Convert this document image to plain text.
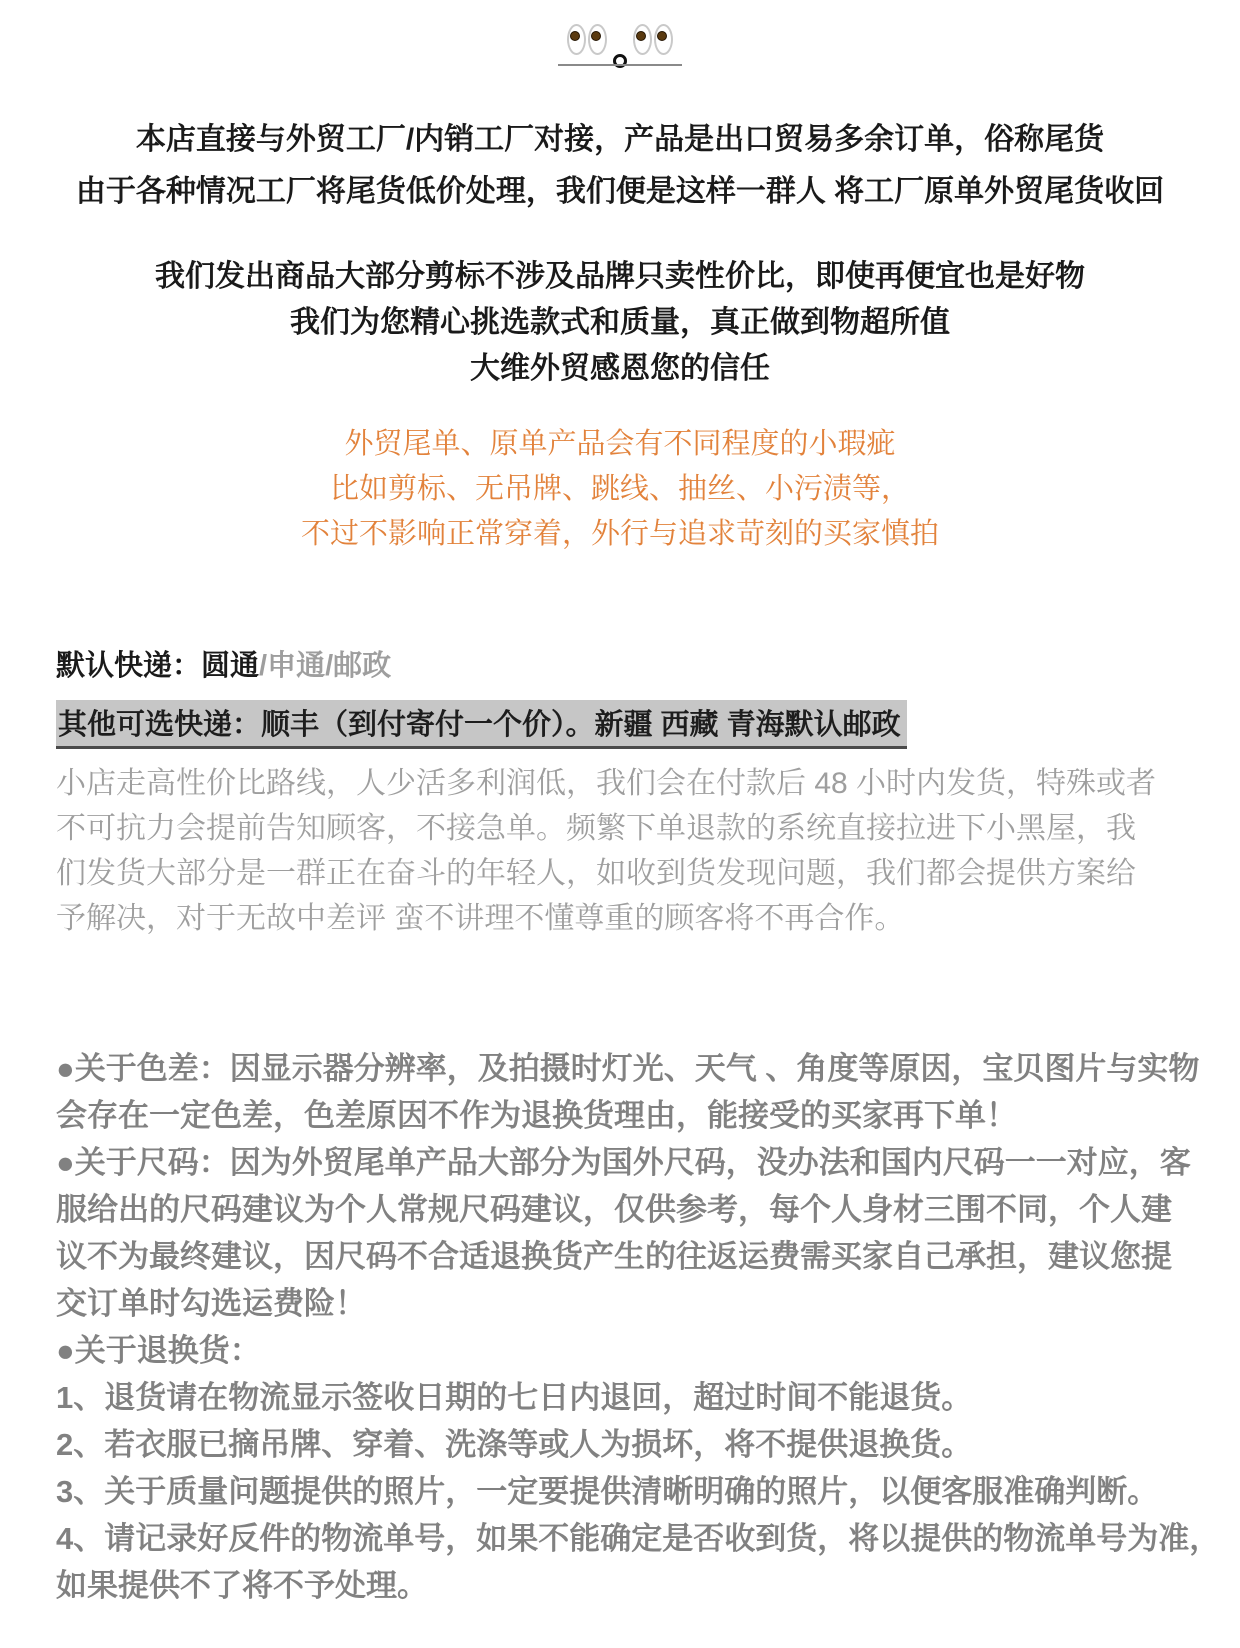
本店直接与外贸工厂/内销工厂对接，产品是出口贸易多余订单，俗称尾货
由于各种情况工厂将尾货低价处理，我们便是这样一群人 将工厂原单外贸尾货收回
我们发出商品大部分剪标不涉及品牌只卖性价比，即使再便宜也是好物
我们为您精心挑选款式和质量，真正做到物超所值
大维外贸感恩您的信任
外贸尾单、原单产品会有不同程度的小瑕疵
比如剪标、无吊牌、跳线、抽丝、小污渍等，
不过不影响正常穿着，外行与追求苛刻的买家慎拍
默认快递：圆通/申通/邮政
其他可选快递：顺丰（到付寄付一个价）。新疆 西藏 青海默认邮政
小店走高性价比路线，人少活多利润低，我们会在付款后 48 小时内发货，特殊或者
不可抗力会提前告知顾客，不接急单。频繁下单退款的系统直接拉进下小黑屋，我
们发货大部分是一群正在奋斗的年轻人，如收到货发现问题，我们都会提供方案给
予解决，对于无故中差评 蛮不讲理不懂尊重的顾客将不再合作。
●关于色差：因显示器分辨率，及拍摄时灯光、天气 、角度等原因，宝贝图片与实物
会存在一定色差，色差原因不作为退换货理由，能接受的买家再下单！
●关于尺码：因为外贸尾单产品大部分为国外尺码，没办法和国内尺码一一对应，客
服给出的尺码建议为个人常规尺码建议，仅供参考，每个人身材三围不同，个人建
议不为最终建议，因尺码不合适退换货产生的往返运费需买家自己承担，建议您提
交订单时勾选运费险！
●关于退换货：
1、退货请在物流显示签收日期的七日内退回，超过时间不能退货。
2、若衣服已摘吊牌、穿着、洗涤等或人为损坏，将不提供退换货。
3、关于质量问题提供的照片，一定要提供清晰明确的照片，以便客服准确判断。
4、请记录好反件的物流单号，如果不能确定是否收到货，将以提供的物流单号为准，
如果提供不了将不予处理。
